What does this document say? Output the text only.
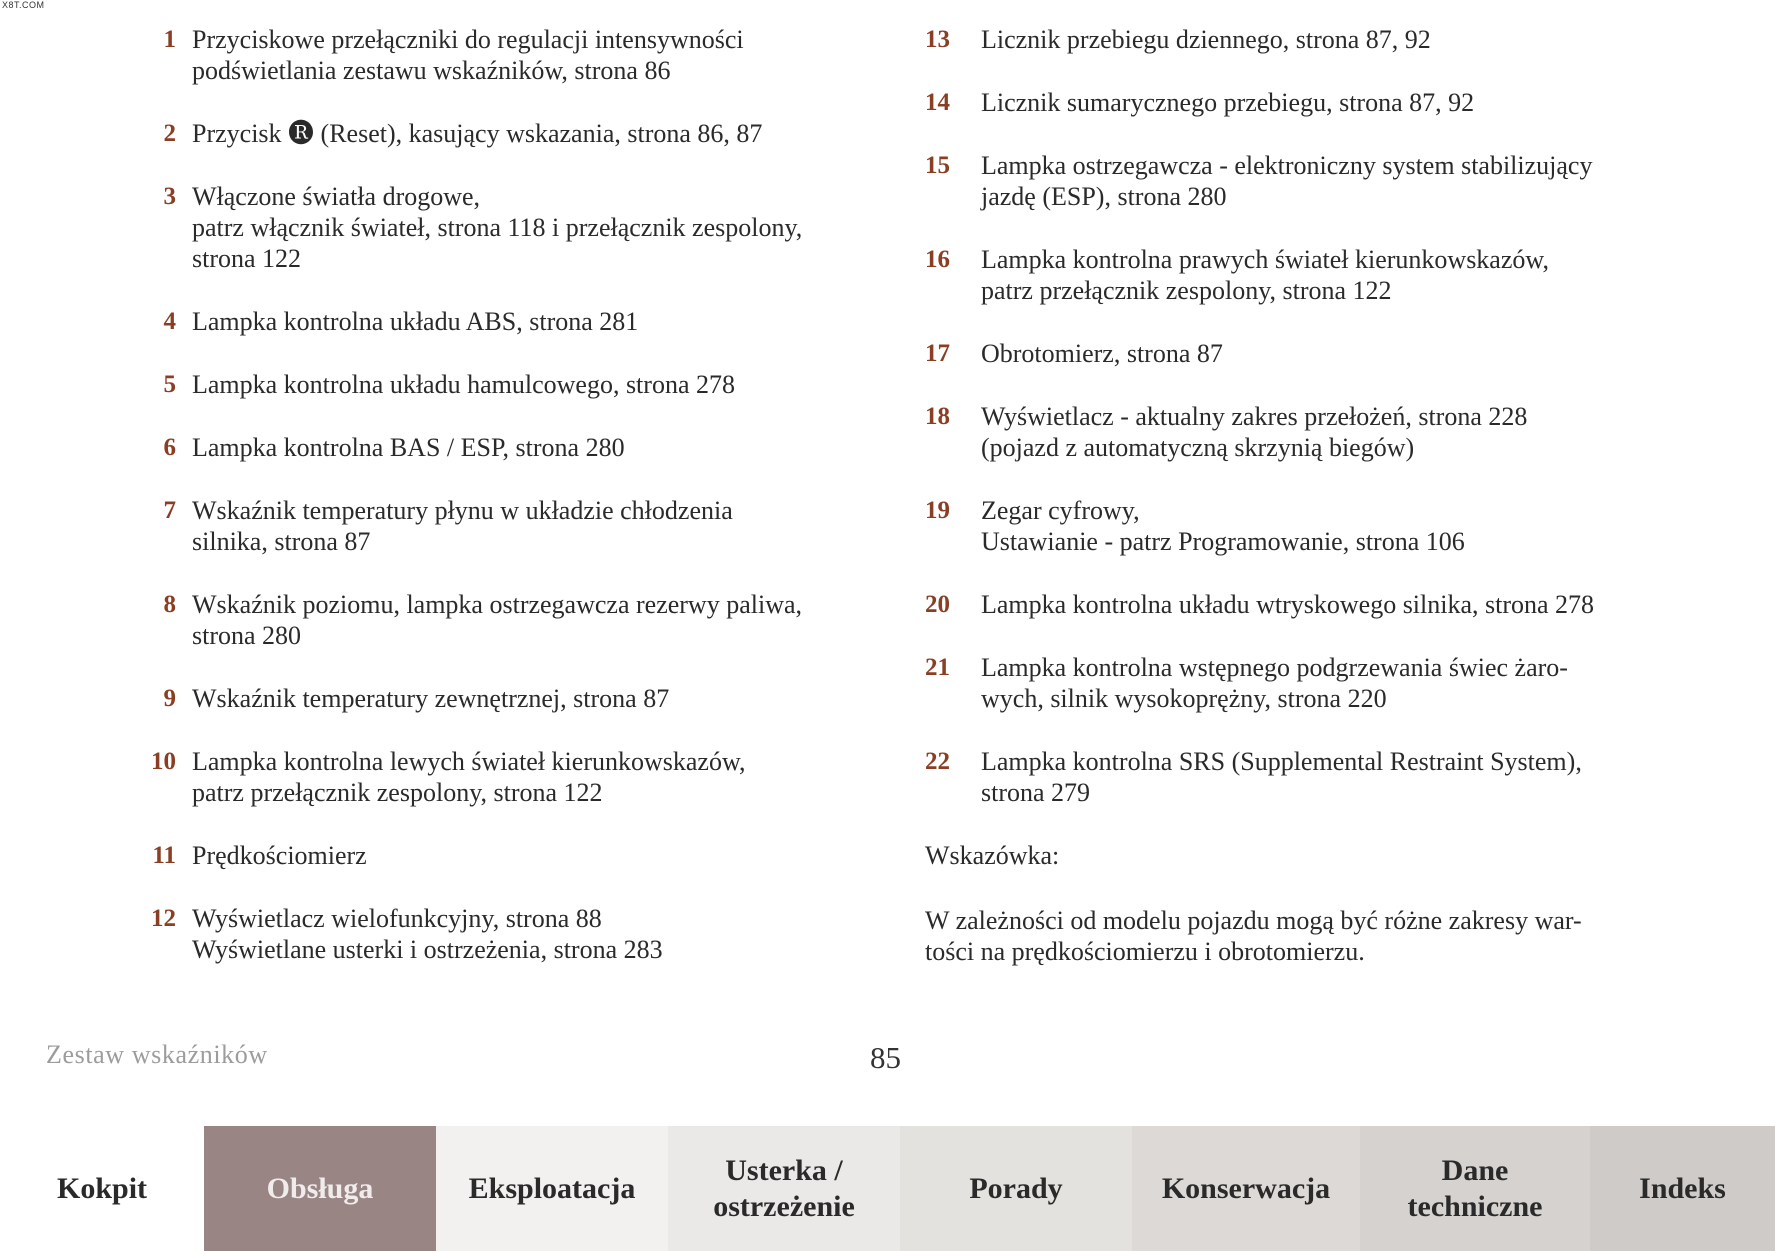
X8T.COM
1 Przyciskowe przełączniki do regulacji intensywności
podświetlania zestawu wskaźników, strona 86
2 Przycisk 🅡 (Reset), kasujący wskazania, strona 86, 87
3 Włączone światła drogowe,
patrz włącznik świateł, strona 118 i przełącznik zespolony,
strona 122
4 Lampka kontrolna układu ABS, strona 281
5 Lampka kontrolna układu hamulcowego, strona 278
6 Lampka kontrolna BAS / ESP, strona 280
7 Wskaźnik temperatury płynu w układzie chłodzenia
silnika, strona 87
8 Wskaźnik poziomu, lampka ostrzegawcza rezerwy paliwa,
strona 280
9 Wskaźnik temperatury zewnętrznej, strona 87
10 Lampka kontrolna lewych świateł kierunkowskazów,
patrz przełącznik zespolony, strona 122
11 Prędkościomierz
12 Wyświetlacz wielofunkcyjny, strona 88
Wyświetlane usterki i ostrzeżenia, strona 283
13	Licznik przebiegu dziennego, strona 87, 92
14	Licznik sumarycznego przebiegu, strona 87, 92
15	Lampka ostrzegawcza - elektroniczny system stabilizujący
jazdę (ESP), strona 280
16	Lampka kontrolna prawych świateł kierunkowskazów,
patrz przełącznik zespolony, strona 122
17	Obrotomierz, strona 87
18	Wyświetlacz - aktualny zakres przełożeń, strona 228
(pojazd z automatyczną skrzynią biegów)
19	Zegar cyfrowy,
Ustawianie - patrz Programowanie, strona 106
20	Lampka kontrolna układu wtryskowego silnika, strona 278
21	Lampka kontrolna wstępnego podgrzewania świec żaro-
wych, silnik wysokoprężny, strona 220
22	Lampka kontrolna SRS (Supplemental Restraint System),
strona 279
Wskazówka:
W zależności od modelu pojazdu mogą być różne zakresy war-
tości na prędkościomierzu i obrotomierzu.
Zestaw wskaźników	85
Kokpit	Obsługa	Eksploatacja
Usterka /
ostrzeżenie
Porady	Konserwacja
Dane
techniczne
Indeks
